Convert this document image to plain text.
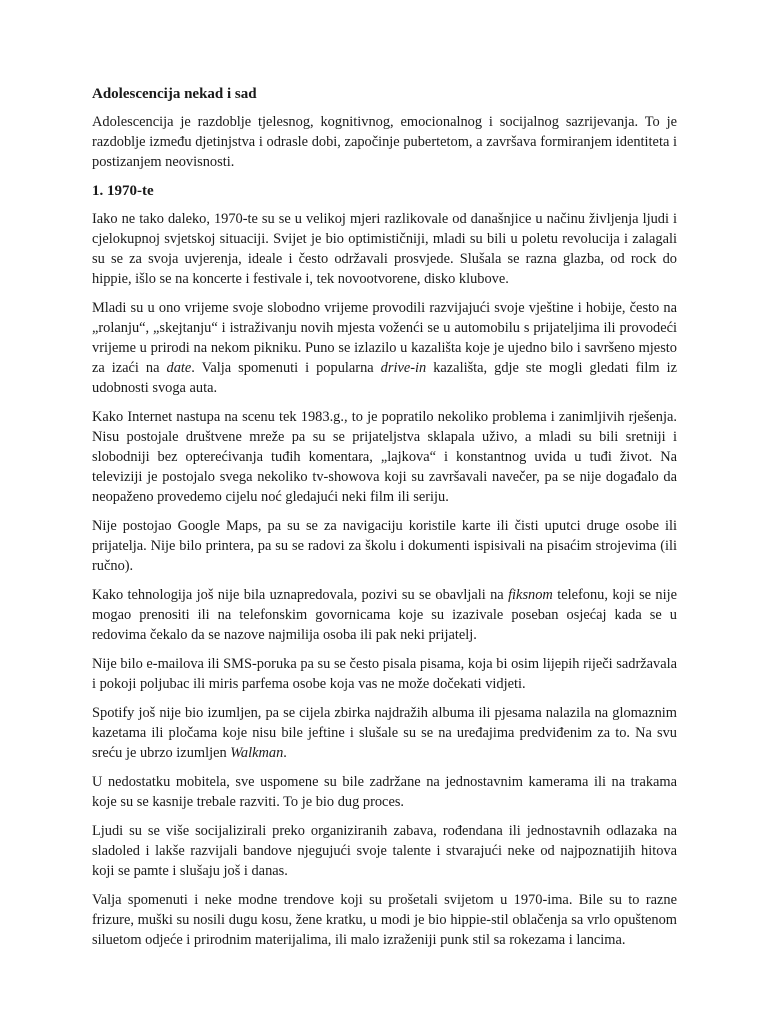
Adolescencija nekad i sad

Adolescencija je razdoblje tjelesnog, kognitivnog, emocionalnog i socijalnog sazrijevanja. To je razdoblje između djetinjstva i odrasle dobi, započinje pubertetom, a završava formiranjem identiteta i postizanjem neovisnosti.

1. 1970-te

Iako ne tako daleko, 1970-te su se u velikoj mjeri razlikovale od današnjice u načinu življenja ljudi i cjelokupnoj svjetskoj situaciji. Svijet je bio optimističniji, mladi su bili u poletu revolucija i zalagali su se za svoja uvjerenja, ideale i često održavali prosvjede. Slušala se razna glazba, od rock do hippie, išlo se na koncerte i festivale i, tek novootvorene, disko klubove.

Mladi su u ono vrijeme svoje slobodno vrijeme provodili razvijajući svoje vještine i hobije, često na „rolanju“, „skejtanju“ i istraživanju novih mjesta voženći se u automobilu s prijateljima ili provodeći vrijeme u prirodi na nekom pikniku. Puno se izlazilo u kazališta koje je ujedno bilo i savršeno mjesto za izaći na date. Valja spomenuti i popularna drive-in kazališta, gdje ste mogli gledati film iz udobnosti svoga auta.

Kako Internet nastupa na scenu tek 1983.g., to je popratilo nekoliko problema i zanimljivih rješenja. Nisu postojale društvene mreže pa su se prijateljstva sklapala uživo, a mladi su bili sretniji i slobodniji bez opterećivanja tuđih komentara, „lajkova“ i konstantnog uvida u tuđi život. Na televiziji je postojalo svega nekoliko tv-showova koji su završavali navečer, pa se nije događalo da neopaženo provedemo cijelu noć gledajući neki film ili seriju.

Nije postojao Google Maps, pa su se za navigaciju koristile karte ili čisti uputci druge osobe ili prijatelja. Nije bilo printera, pa su se radovi za školu i dokumenti ispisivali na pisaćim strojevima (ili ručno).

Kako tehnologija još nije bila uznapredovala, pozivi su se obavljali na fiksnom telefonu, koji se nije mogao prenositi ili na telefonskim govornicama koje su izazivale poseban osjećaj kada se u redovima čekalo da se nazove najmilija osoba ili pak neki prijatelj.

Nije bilo e-mailova ili SMS-poruka pa su se često pisala pisama, koja bi osim lijepih riječi sadržavala i pokoji poljubac ili miris parfema osobe koja vas ne može dočekati vidjeti.

Spotify još nije bio izumljen, pa se cijela zbirka najdražih albuma ili pjesama nalazila na glomaznim kazetama ili pločama koje nisu bile jeftine i slušale su se na uređajima predviđenim za to. Na svu sreću je ubrzo izumljen Walkman.

U nedostatku mobitela, sve uspomene su bile zadržane na jednostavnim kamerama ili na trakama koje su se kasnije trebale razviti. To je bio dug proces.

Ljudi su se više socijalizirali preko organiziranih zabava, rođendana ili jednostavnih odlazaka na sladoled i lakše razvijali bandove njegujući svoje talente i stvarajući neke od najpoznatijih hitova koji se pamte i slušaju još i danas.

Valja spomenuti i neke modne trendove koji su prošetali svijetom u 1970-ima. Bile su to razne frizure, muški su nosili dugu kosu, žene kratku, u modi je bio hippie-stil oblačenja sa vrlo opuštenom siluetom odjeće i prirodnim materijalima, ili malo izraženiji punk stil sa rokezama i lancima.
